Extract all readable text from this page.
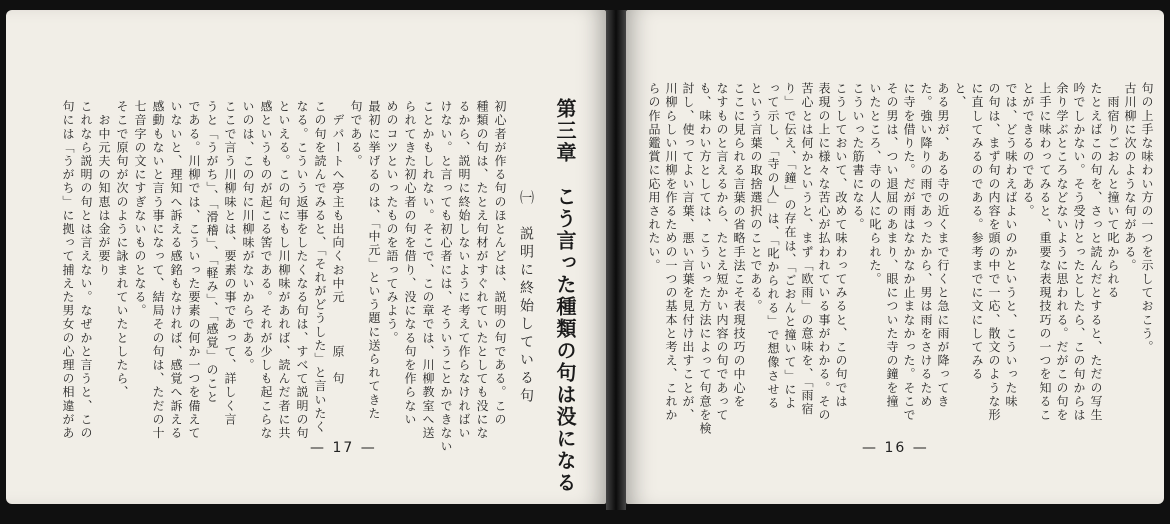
第三章　こう言った種類の句は没になる
㈠　説明に終始している句
初心者が作る句のほとんどは、説明の句である。この
種類の句は、たとえ句材がすぐれていたとしても没にな
るから、説明に終始しないように考えて作らなければい
けない。と言っても初心者には、そういうことかできない
ことかもしれない。そこで、この章では、川柳教室へ送
られてきた初心者の句を借り、没になる句を作らない
めのコツといったものを語ってみよう。
最初に挙げるのは、「中元」という題に送られてきた
句である。
　デパートへ亭主も出向くお中元　　　原　句
この句を読んでみると、「それがどうした」と言いたく
なる。こういう返事をしたくなる句は、すべて説明の句
といえる。この句にもし川柳味があれば、読んだ者に共
感というものが起こる筈である。それが少しも起こらな
いのは、この句に川柳味がないからである。
ここで言う川柳味とは、要素の事であって、詳しく言
うと「うがち」、「滑稽」、「軽み」、「感覚」のこと
である。川柳では、こういった要素の何か一つを備えて
いないと、理知へ訴える感銘もなければ、感覚へ訴える
感動もないと言う事になって、結局その句は、ただの十
七音字の文にすぎないものとなる。
そこで原句が次のように詠まれていたとしたら、
　お中元夫の知恵は金が要り
これなら説明の句とは言えない。なぜかと言うと、この
句には「うがち」に拠って捕えた男女の心理の相違があ
— 17 —
句の上手な味わい方の一つを示しておこう。
古川柳に次のような句がある。
　雨宿りごおんと撞いて叱かられる
たとえばこの句を、さっと読んだとすると、ただの写生
吟でしかない。そう受けとったとしたら、この句からは
余り学ぶところなどないように思われる。だがこの句を
上手に味わってみると、重要な表現技巧の一つを知るこ
とができるのである。
では、どう味わえばよいのかというと、こういった味
の句は、まず句の内容を頭の中で一応、散文のような形
に直してみるのである。参考までに文にしてみる
と、
ある男が、ある寺の近くまで行くと急に雨が降ってき
た。強い降りの雨であったから、男は雨をさけるため
に寺を借りた。だが雨はなかなか止まなかった。そこで
その男は、つい退屈のあまり、眼についた寺の鐘を撞
いたところ、寺の人に叱られた。
こういった筋書になる。
こうしておいて、改めて味わってみると、この句では
表現の上に様々な苦心が払われている事がわかる。その
苦心とは何かというと、まず「欧雨」の意味を、「雨宿
り」で伝え、「鐘」の存在は、「ごおんと撞いて」によ
って示し、「寺の人」は、「叱かられる」で想像させる
という言葉の取捨選択のことである。
ここに見られる言葉の省略手法こそ表現技巧の中心を
なすものと言えるから、たとえ短かい内容の句であって
も、味わい方としては、こういった方法によって句意を検
討し、使ってよい言葉、悪い言葉を見付け出すことが、
川柳らしい川柳を作るための一つの基本と考え、これか
らの作品鑑賞に応用されたい。
— 16 —
